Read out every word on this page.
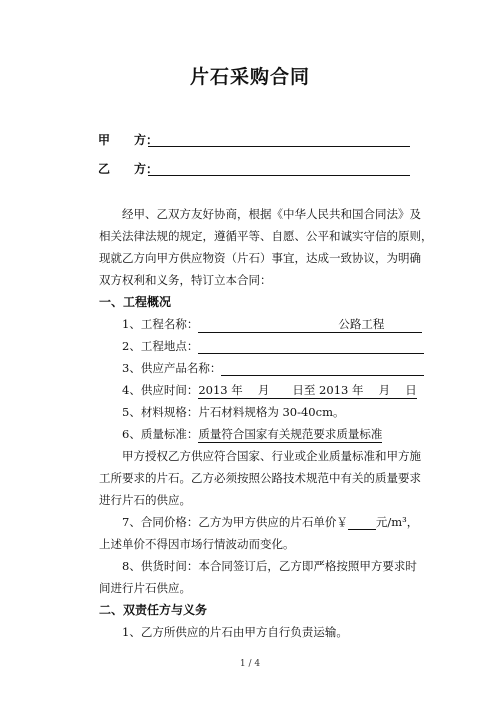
片石采购合同
甲　　方：
乙　　方：
经甲、乙双方友好协商，根据《中华人民共和国合同法》及
相关法律法规的规定，遵循平等、自愿、公平和诚实守信的原则，
现就乙方向甲方供应物资（片石）事宜，达成一致协议，为明确
双方权利和义务，特订立本合同：
一、工程概况
1、工程名称：	公路工程
2、工程地点：
3、供应产品名称：
4、供应时间：2013 年　 月　　日至 2013 年　 月　 日
5、材料规格：片石材料规格为 30-40cm。
6、质量标准：质量符合国家有关规范要求质量标准
甲方授权乙方供应符合国家、行业或企业质量标准和甲方施
工所要求的片石。乙方必须按照公路技术规范中有关的质量要求
进行片石的供应。
7、合同价格：乙方为甲方供应的片石单价￥ 元/m³，
上述单价不得因市场行情波动而变化。
8、供货时间：本合同签订后，乙方即严格按照甲方要求时
间进行片石供应。
二、双责任方与义务
1、乙方所供应的片石由甲方自行负责运输。
1 / 4
